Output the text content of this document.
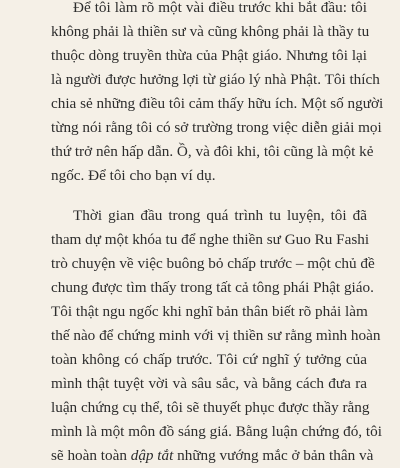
Để tôi làm rõ một vài điều trước khi bắt đầu: tôi
không phải là thiền sư và cũng không phải là thầy tu
thuộc dòng truyền thừa của Phật giáo. Nhưng tôi lại
là người được hưởng lợi từ giáo lý nhà Phật. Tôi thích
chia sẻ những điều tôi cảm thấy hữu ích. Một số người
từng nói rằng tôi có sở trường trong việc diễn giải mọi
thứ trở nên hấp dẫn. Ồ, và đôi khi, tôi cũng là một kẻ
ngốc. Để tôi cho bạn ví dụ.
Thời gian đầu trong quá trình tu luyện, tôi đã
tham dự một khóa tu để nghe thiền sư Guo Ru Fashi
trò chuyện về việc buông bỏ chấp trước – một chủ đề
chung được tìm thấy trong tất cả tông phái Phật giáo.
Tôi thật ngu ngốc khi nghĩ bản thân biết rõ phải làm
thế nào để chứng minh với vị thiền sư rằng mình hoàn
toàn không có chấp trước. Tôi cứ nghĩ ý tưởng của
mình thật tuyệt vời và sâu sắc, và bằng cách đưa ra
luận chứng cụ thể, tôi sẽ thuyết phục được thầy rằng
mình là một môn đồ sáng giá. Bằng luận chứng đó, tôi
sẽ hoàn toàn dập tắt những vướng mắc ở bản thân và
